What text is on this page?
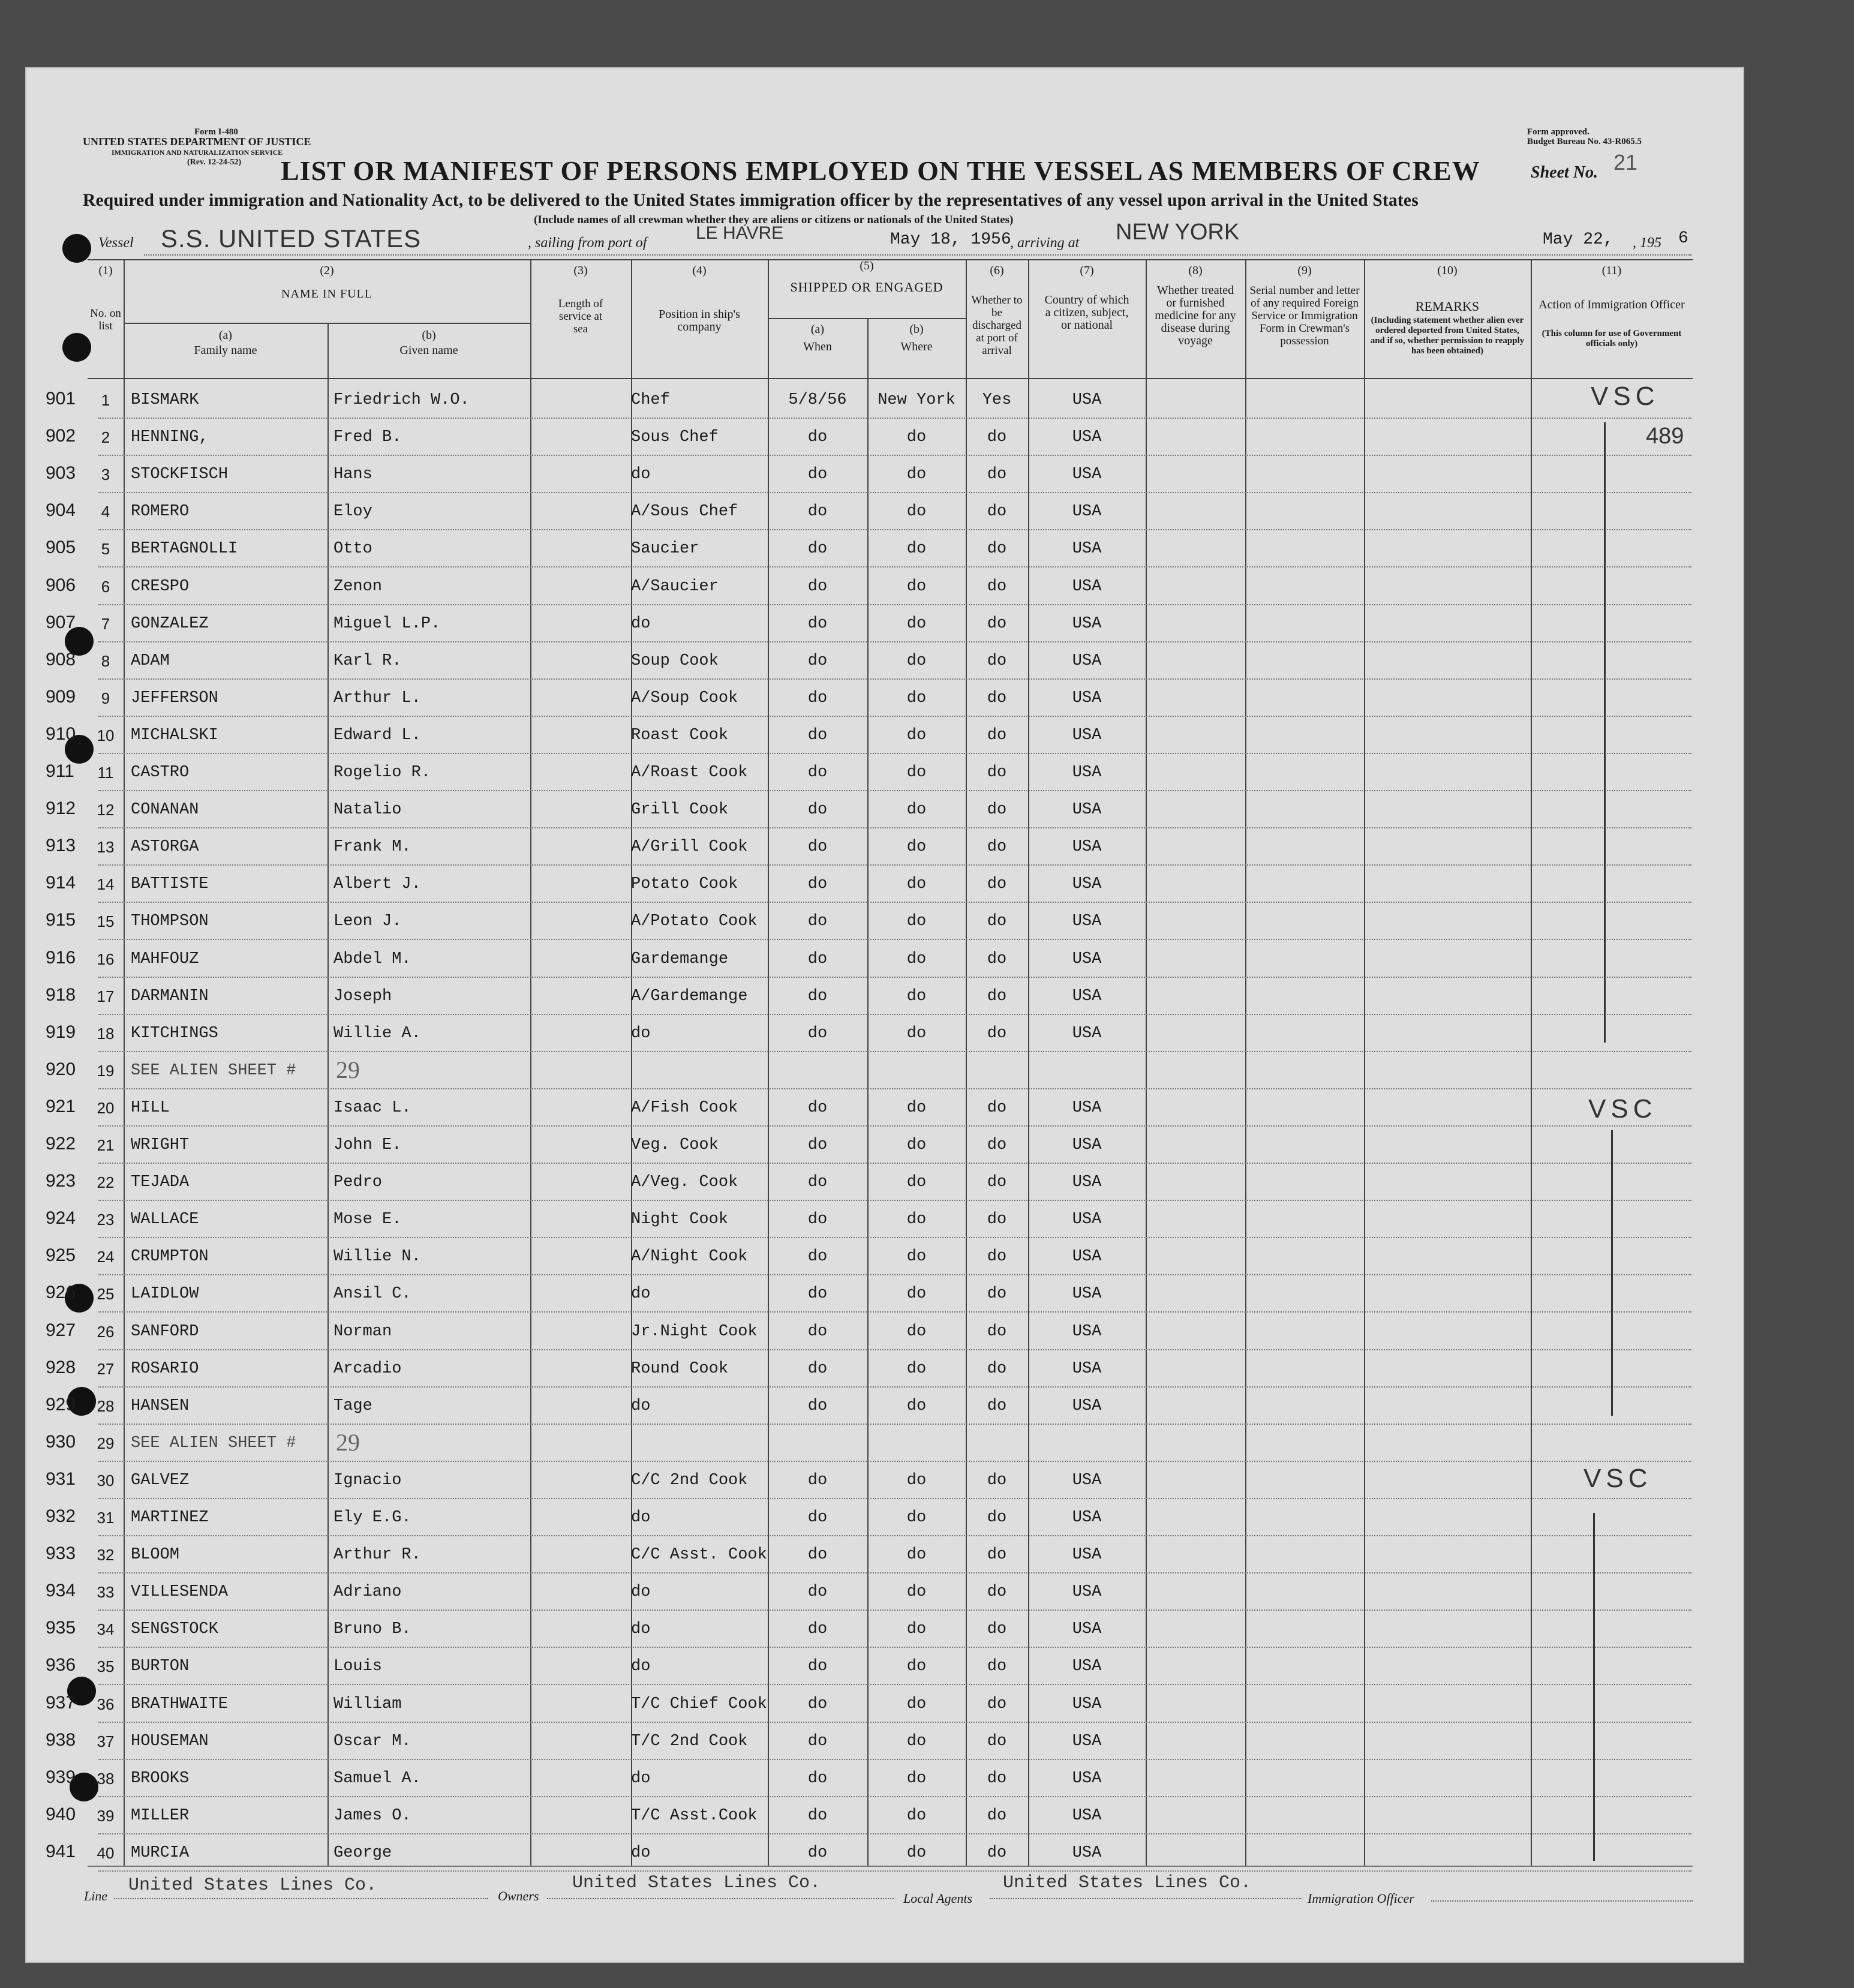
Form I-480
UNITED STATES DEPARTMENT OF JUSTICE
IMMIGRATION AND NATURALIZATION SERVICE
(Rev. 12-24-52)
Form approved.
Budget Bureau No. 43-R065.5
LIST OR MANIFEST OF PERSONS EMPLOYED ON THE VESSEL AS MEMBERS OF CREW	Sheet No. 21
Required under immigration and Nationality Act, to be delivered to the United States immigration officer by the representatives of any vessel upon arrival in the United States
(Include names of all crewman whether they are aliens or citizens or nationals of the United States)
Vessel S.S. UNITED STATES	, sailing from port of	LE HAVRE	May 18, 1956
, arriving at NEW YORK	May 22, , 195 6
(1)
No. on list
(2)
NAME IN FULL
(a)
Family name
(b)
Given name
(3)
Length of service at sea
(4)
Position in ship's company
(5)
SHIPPED OR ENGAGED
(a)
When
(b)
Where
(6)
Whether to be discharged at port of arrival
(7)
Country of which a citizen, subject, or national
(8)
Whether treated or furnished medicine for any disease during voyage
(9)
Serial number and letter of any required Foreign Service or Immigration Form in Crewman's possession
(10)
REMARKS
(Including statement whether alien ever ordered deported from United States, and if so, whether permission to reapply has been obtained)
(11)
Action of Immigration Officer
(This column for use of Government officials only)
901	1	BISMARK	Friedrich W.O.	Chef	5/8/56	New York	Yes	USA
902	2	HENNING,	Fred B.	Sous Chef	do	do	do	USA
903	3	STOCKFISCH	Hans	do	do	do	do	USA
904	4	ROMERO	Eloy	A/Sous Chef	do	do	do	USA
905	5	BERTAGNOLLI	Otto	Saucier	do	do	do	USA
906	6	CRESPO	Zenon	A/Saucier	do	do	do	USA
907	7	GONZALEZ	Miguel L.P.	do	do	do	do	USA
908	8	ADAM	Karl R.	Soup Cook	do	do	do	USA
909	9	JEFFERSON	Arthur L.	A/Soup Cook	do	do	do	USA
910	10	MICHALSKI	Edward L.	Roast Cook	do	do	do	USA
911	11	CASTRO	Rogelio R.	A/Roast Cook	do	do	do	USA
912	12	CONANAN	Natalio	Grill Cook	do	do	do	USA
913	13	ASTORGA	Frank M.	A/Grill Cook	do	do	do	USA
914	14	BATTISTE	Albert J.	Potato Cook	do	do	do	USA
915	15	THOMPSON	Leon J.	A/Potato Cook	do	do	do	USA
916	16	MAHFOUZ	Abdel M.	Gardemange	do	do	do	USA
918	17	DARMANIN	Joseph	A/Gardemange	do	do	do	USA
919	18	KITCHINGS	Willie A.	do	do	do	do	USA
920	19	SEE ALIEN SHEET # 29
921	20	HILL	Isaac L.	A/Fish Cook	do	do	do	USA
922	21	WRIGHT	John E.	Veg. Cook	do	do	do	USA
923	22	TEJADA	Pedro	A/Veg. Cook	do	do	do	USA
924	23	WALLACE	Mose E.	Night Cook	do	do	do	USA
925	24	CRUMPTON	Willie N.	A/Night Cook	do	do	do	USA
926	25	LAIDLOW	Ansil C.	do	do	do	do	USA
927	26	SANFORD	Norman	Jr.Night Cook	do	do	do	USA
928	27	ROSARIO	Arcadio	Round Cook	do	do	do	USA
929	28	HANSEN	Tage	do	do	do	do	USA
930	29	SEE ALIEN SHEET # 29
931	30	GALVEZ	Ignacio	C/C 2nd Cook	do	do	do	USA
932	31	MARTINEZ	Ely E.G.	do	do	do	do	USA
933	32	BLOOM	Arthur R.	C/C Asst. Cook	do	do	do	USA
934	33	VILLESENDA	Adriano	do	do	do	do	USA
935	34	SENGSTOCK	Bruno B.	do	do	do	do	USA
936	35	BURTON	Louis	do	do	do	do	USA
937	36	BRATHWAITE	William	T/C Chief Cook	do	do	do	USA
938	37	HOUSEMAN	Oscar M.	T/C 2nd Cook	do	do	do	USA
939	38	BROOKS	Samuel A.	do	do	do	do	USA
940	39	MILLER	James O.	T/C Asst.Cook	do	do	do	USA
941	40	MURCIA	George	do	do	do	do	USA
VSC
489
VSC
VSC
Line
United States Lines Co.
Owners
United States Lines Co.
Local Agents
United States Lines Co.
Immigration Officer
